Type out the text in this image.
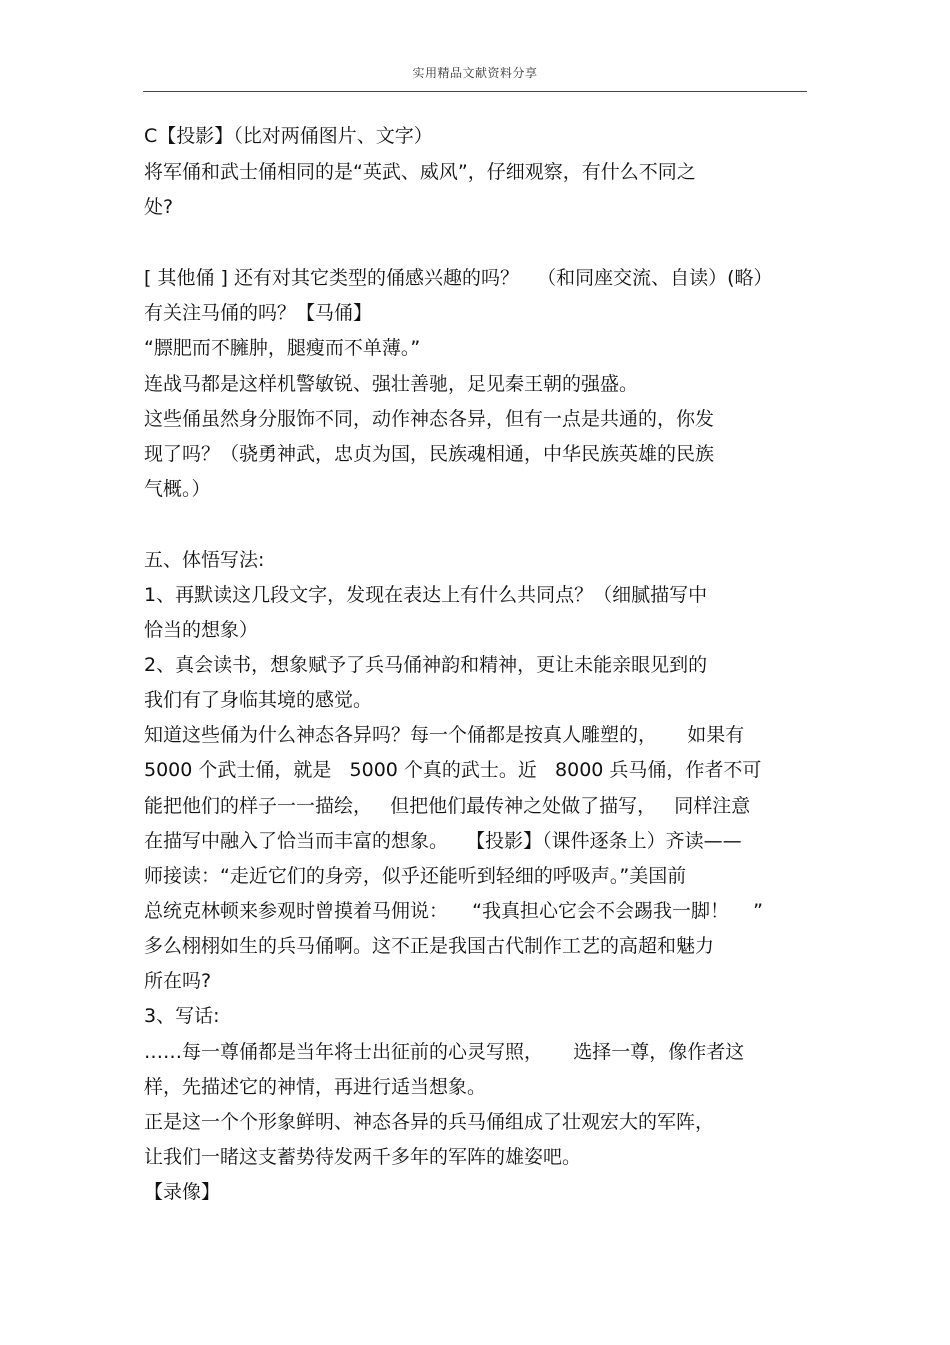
实用精品文献资料分享
C【投影】（比对两俑图片、文字）
将军俑和武士俑相同的是“英武、威风”，仔细观察，有什么不同之
处?
[ 其他俑 ] 还有对其它类型的俑感兴趣的吗？   （和同座交流、自读）(略）
有关注马俑的吗？【马俑】
“膘肥而不臃肿，腿瘦而不单薄。”
连战马都是这样机警敏锐、强壮善驰，足见秦王朝的强盛。
这些俑虽然身分服饰不同，动作神态各异，但有一点是共通的，你发
现了吗？（骁勇神武，忠贞为国，民族魂相通，中华民族英雄的民族
气概。）
五、体悟写法:
1、再默读这几段文字，发现在表达上有什么共同点？（细腻描写中
恰当的想象）
2、真会读书，想象赋予了兵马俑神韵和精神，更让未能亲眼见到的
我们有了身临其境的感觉。
知道这些俑为什么神态各异吗？每一个俑都是按真人雕塑的，     如果有
5000 个武士俑，就是   5000 个真的武士。近   8000 兵马俑，作者不可
能把他们的样子一一描绘，   但把他们最传神之处做了描写，   同样注意
在描写中融入了恰当而丰富的想象。   【投影】（课件逐条上）齐读——
师接读：“走近它们的身旁，似乎还能听到轻细的呼吸声。”美国前
总统克林顿来参观时曾摸着马佣说：    “我真担心它会不会踢我一脚！    ”
多么栩栩如生的兵马俑啊。这不正是我国古代制作工艺的高超和魅力
所在吗?
3、写话:
……每一尊俑都是当年将士出征前的心灵写照，     选择一尊，像作者这
样，先描述它的神情，再进行适当想象。
正是这一个个形象鲜明、神态各异的兵马俑组成了壮观宏大的军阵，
让我们一睹这支蓄势待发两千多年的军阵的雄姿吧。
【录像】
